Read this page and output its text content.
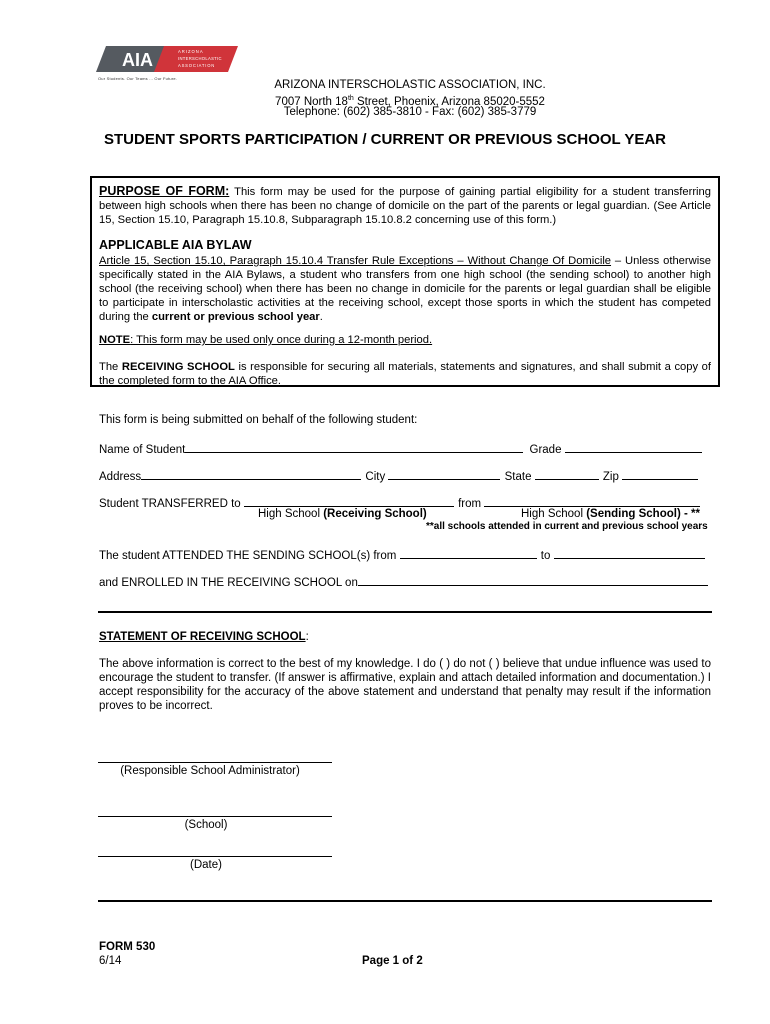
AIA	ARIZONA
INTERSCHOLASTIC
ASSOCIATION
Our Students. Our Teams ... Our Future.
ARIZONA INTERSCHOLASTIC ASSOCIATION, INC.
7007 North 18th Street, Phoenix, Arizona 85020-5552
Telephone: (602) 385-3810 - Fax: (602) 385-3779
STUDENT SPORTS PARTICIPATION / CURRENT OR PREVIOUS SCHOOL YEAR
PURPOSE OF FORM: This form may be used for the purpose of gaining partial eligibility for a student transferring between high schools when there has been no change of domicile on the part of the parents or legal guardian. (See Article 15, Section 15.10, Paragraph 15.10.8, Subparagraph 15.10.8.2 concerning use of this form.)
APPLICABLE AIA BYLAW
Article 15, Section 15.10, Paragraph 15.10.4 Transfer Rule Exceptions – Without Change Of Domicile – Unless otherwise specifically stated in the AIA Bylaws, a student who transfers from one high school (the sending school) to another high school (the receiving school) when there has been no change in domicile for the parents or legal guardian shall be eligible to participate in interscholastic activities at the receiving school, except those sports in which the student has competed during the current or previous school year.
NOTE: This form may be used only once during a 12-month period.
The RECEIVING SCHOOL is responsible for securing all materials, statements and signatures, and shall submit a copy of the completed form to the AIA Office.
This form is being submitted on behalf of the following student:
Name of Student	Grade
Address	City	State	Zip
Student TRANSFERRED to	from
High School (Receiving School)	High School (Sending School) - **
**all schools attended in current and previous school years
The student ATTENDED THE SENDING SCHOOL(s) from	to
and ENROLLED IN THE RECEIVING SCHOOL on
STATEMENT OF RECEIVING SCHOOL:
The above information is correct to the best of my knowledge. I do ( ) do not ( ) believe that undue influence was used to encourage the student to transfer. (If answer is affirmative, explain and attach detailed information and documentation.) I accept responsibility for the accuracy of the above statement and understand that penalty may result if the information proves to be incorrect.
(Responsible School Administrator)
(School)
(Date)
FORM 530
6/14	Page 1 of 2
